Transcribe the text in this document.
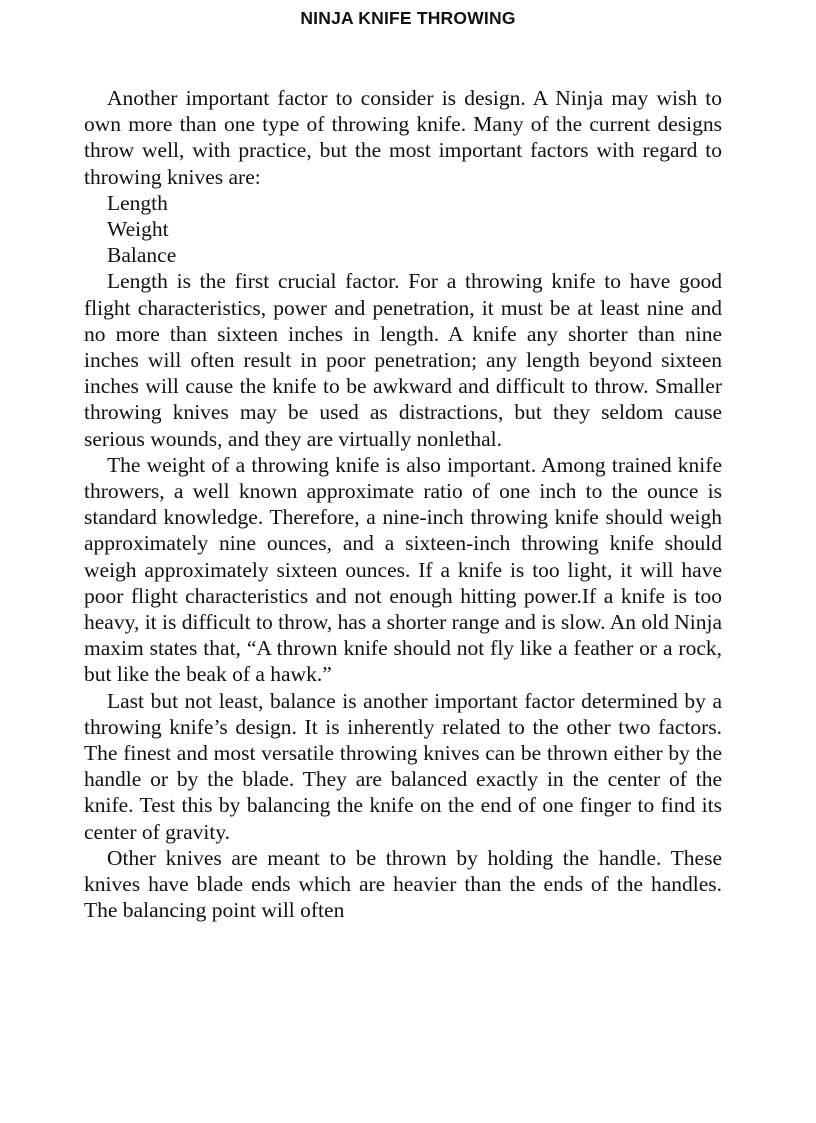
NINJA KNIFE THROWING

Another important factor to consider is design. A Ninja may wish to own more than one type of throwing knife. Many of the current designs throw well, with practice, but the most important factors with regard to throwing knives are:

Length
Weight
Balance

Length is the first crucial factor. For a throwing knife to have good flight characteristics, power and penetration, it must be at least nine and no more than sixteen inches in length. A knife any shorter than nine inches will often result in poor penetration; any length beyond sixteen inches will cause the knife to be awkward and difficult to throw. Smaller throwing knives may be used as distractions, but they seldom cause serious wounds, and they are virtually nonlethal.

The weight of a throwing knife is also important. Among trained knife throwers, a well known approximate ratio of one inch to the ounce is standard knowledge. Therefore, a nine-inch throwing knife should weigh approximately nine ounces, and a sixteen-inch throwing knife should weigh approximately sixteen ounces. If a knife is too light, it will have poor flight characteristics and not enough hitting power.If a knife is too heavy, it is difficult to throw, has a shorter range and is slow. An old Ninja maxim states that, “A thrown knife should not fly like a feather or a rock, but like the beak of a hawk.”

Last but not least, balance is another important factor determined by a throwing knife’s design. It is inherently related to the other two factors. The finest and most versatile throwing knives can be thrown either by the handle or by the blade. They are balanced exactly in the center of the knife. Test this by balancing the knife on the end of one finger to find its center of gravity.

Other knives are meant to be thrown by holding the handle. These knives have blade ends which are heavier than the ends of the handles. The balancing point will often
